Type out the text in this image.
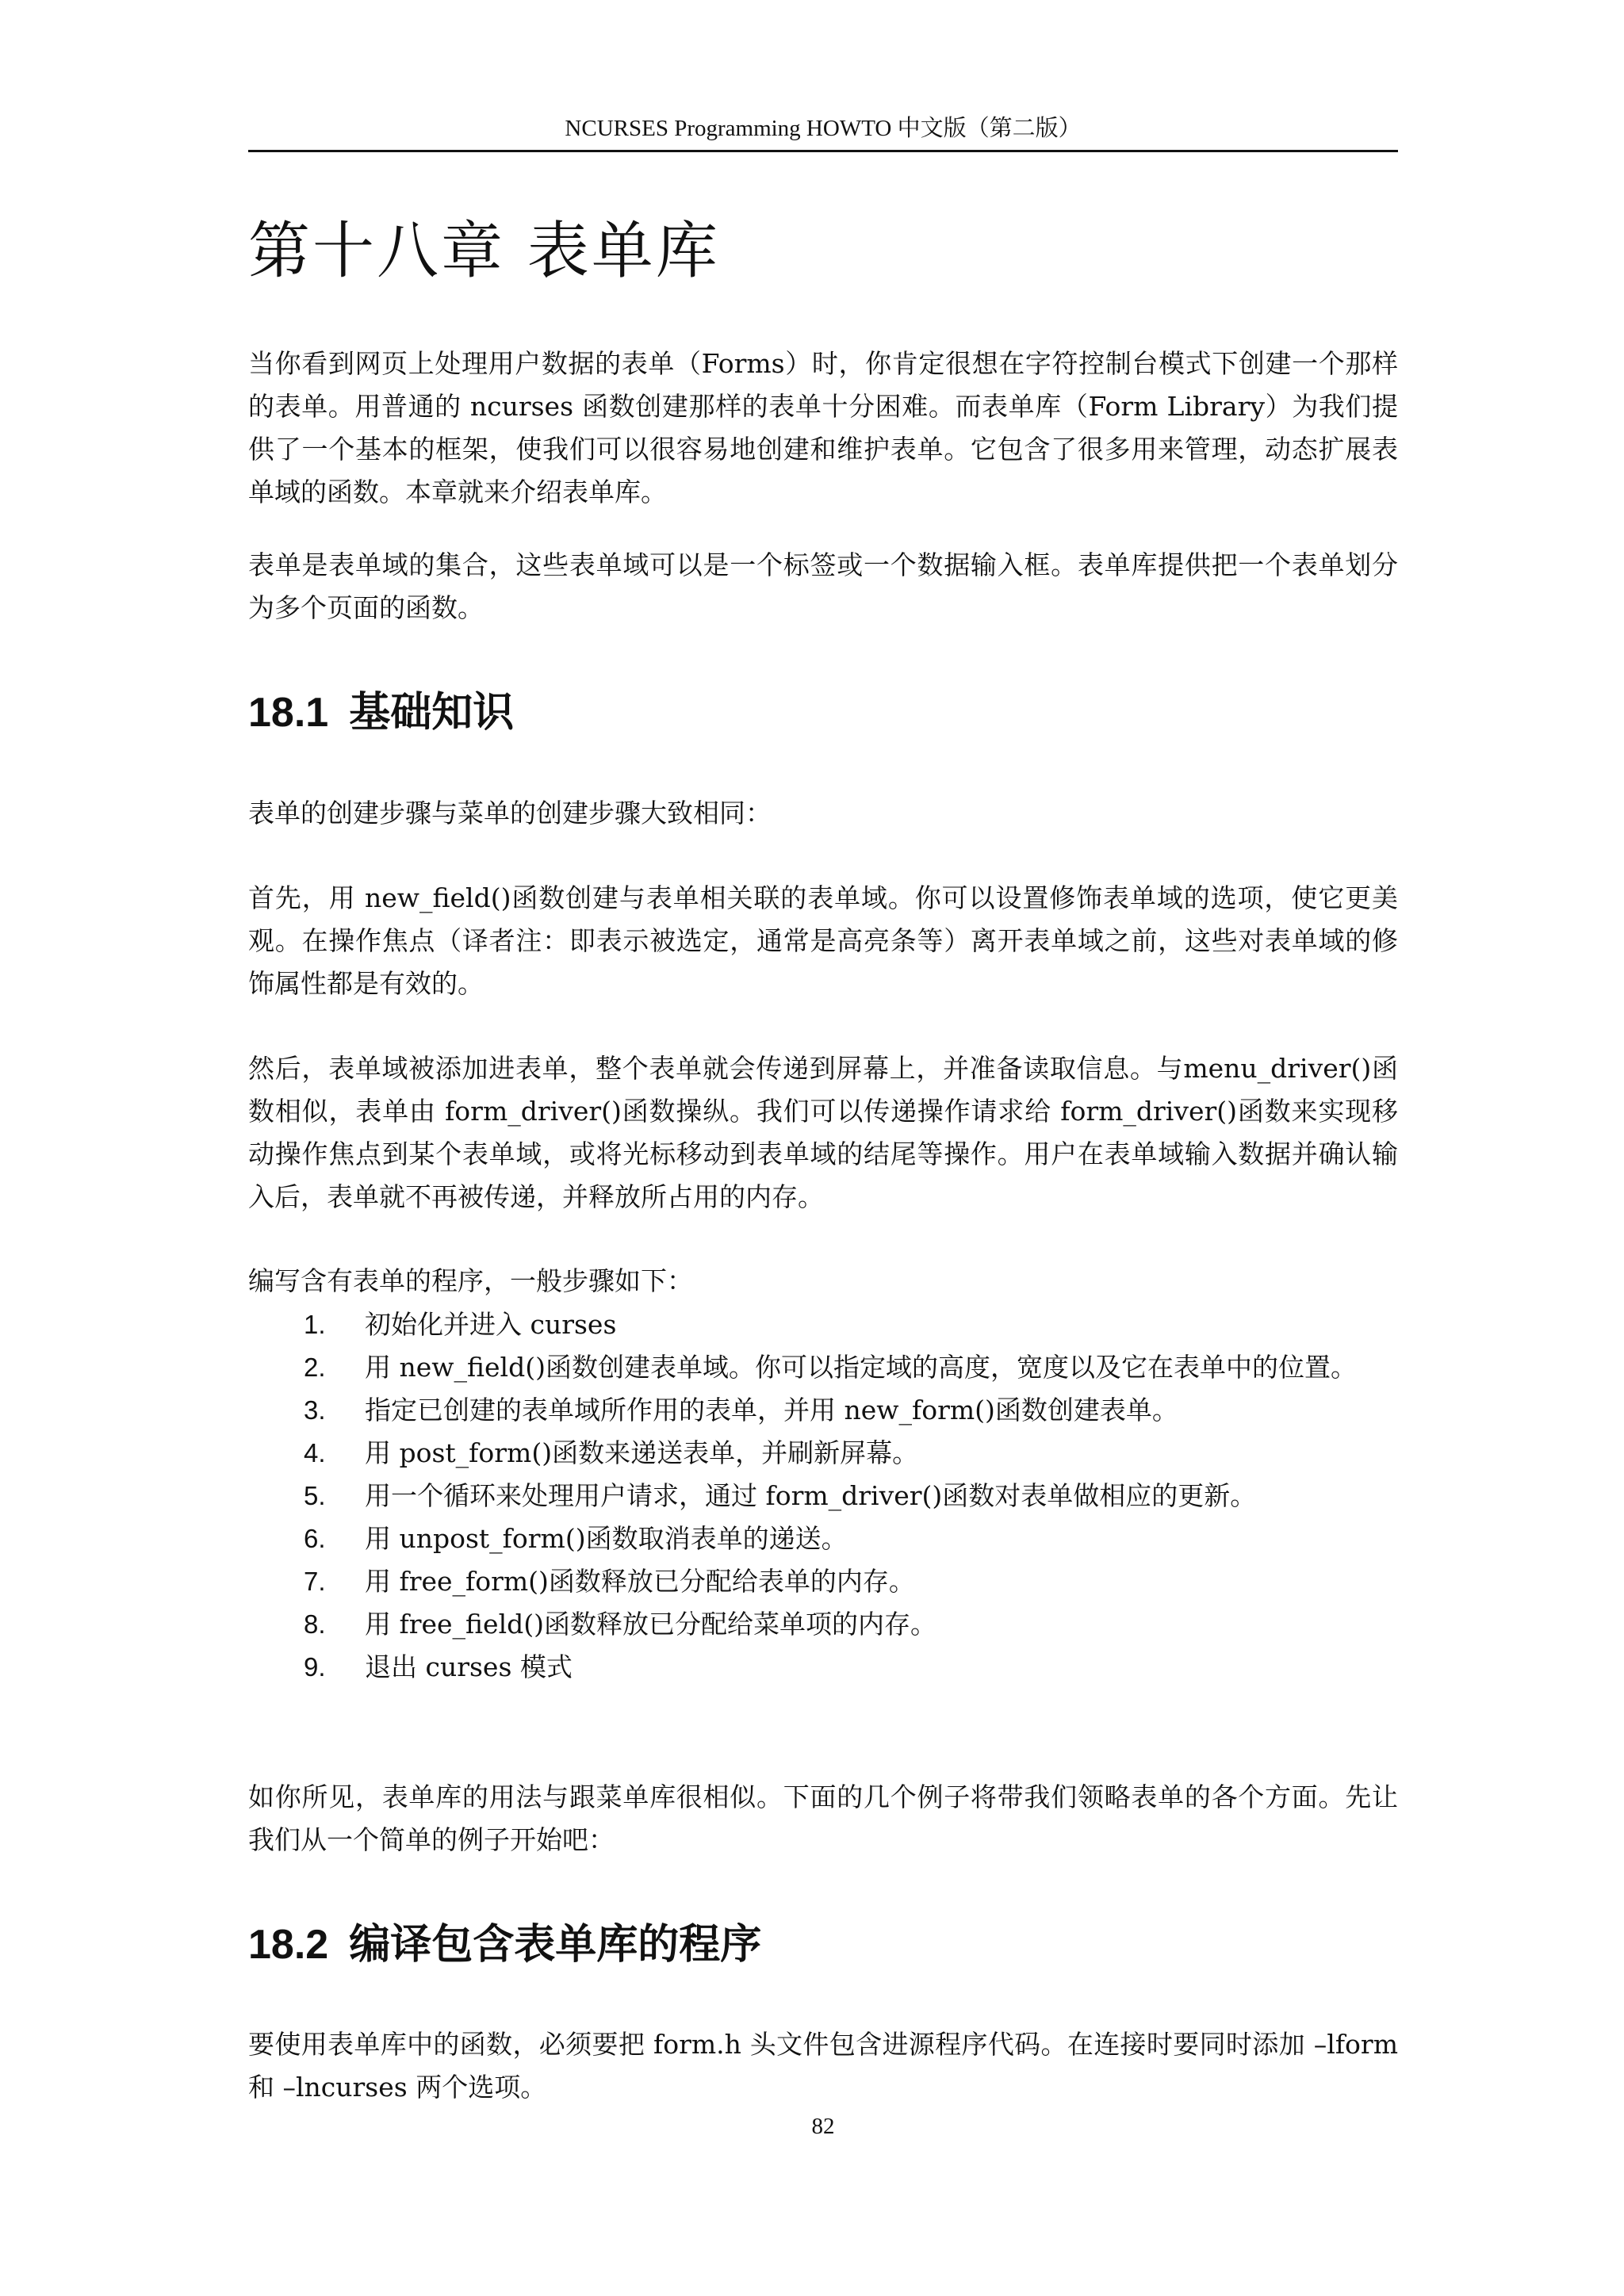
NCURSES Programming HOWTO 中文版（第二版）
第十八章 表单库

当你看到网页上处理用户数据的表单（Forms）时，你肯定很想在字符控制台模式下创建一个那样的表单。用普通的 ncurses 函数创建那样的表单十分困难。而表单库（Form Library）为我们提供了一个基本的框架，使我们可以很容易地创建和维护表单。它包含了很多用来管理，动态扩展表单域的函数。本章就来介绍表单库。

表单是表单域的集合，这些表单域可以是一个标签或一个数据输入框。表单库提供把一个表单划分为多个页面的函数。

18.1 基础知识

表单的创建步骤与菜单的创建步骤大致相同：

首先，用 new_field()函数创建与表单相关联的表单域。你可以设置修饰表单域的选项，使它更美观。在操作焦点（译者注：即表示被选定，通常是高亮条等）离开表单域之前，这些对表单域的修饰属性都是有效的。

然后，表单域被添加进表单，整个表单就会传递到屏幕上，并准备读取信息。与menu_driver()函数相似，表单由 form_driver()函数操纵。我们可以传递操作请求给 form_driver()函数来实现移动操作焦点到某个表单域，或将光标移动到表单域的结尾等操作。用户在表单域输入数据并确认输入后，表单就不再被传递，并释放所占用的内存。

编写含有表单的程序，一般步骤如下：

1. 初始化并进入 curses
2. 用 new_field()函数创建表单域。你可以指定域的高度，宽度以及它在表单中的位置。
3. 指定已创建的表单域所作用的表单，并用 new_form()函数创建表单。
4. 用 post_form()函数来递送表单，并刷新屏幕。
5. 用一个循环来处理用户请求，通过 form_driver()函数对表单做相应的更新。
6. 用 unpost_form()函数取消表单的递送。
7. 用 free_form()函数释放已分配给表单的内存。
8. 用 free_field()函数释放已分配给菜单项的内存。
9. 退出 curses 模式

如你所见，表单库的用法与跟菜单库很相似。下面的几个例子将带我们领略表单的各个方面。先让我们从一个简单的例子开始吧：

18.2 编译包含表单库的程序

要使用表单库中的函数，必须要把 form.h 头文件包含进源程序代码。在连接时要同时添加 –lform 和 –lncurses 两个选项。

82
